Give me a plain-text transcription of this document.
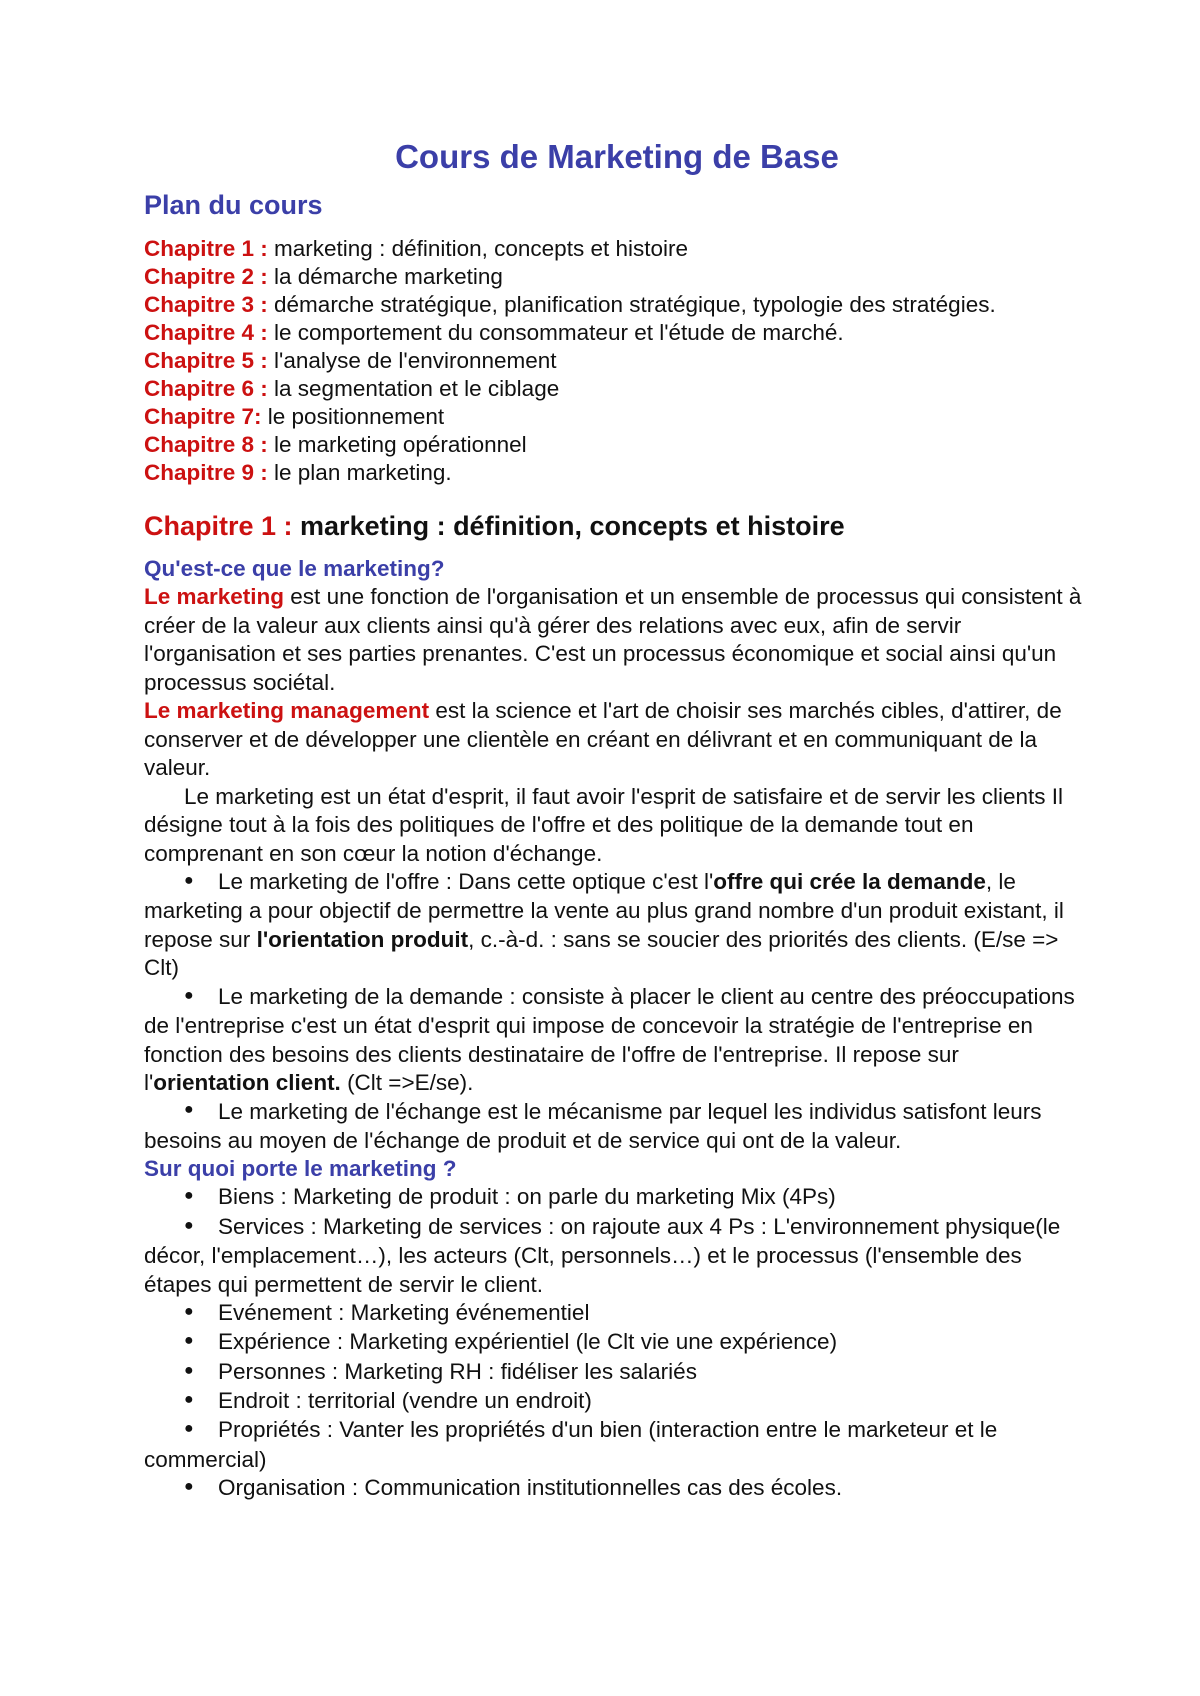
Cours de Marketing de Base
Plan du cours
Chapitre 1 : marketing : définition, concepts et histoire
Chapitre 2 : la démarche marketing
Chapitre 3 : démarche stratégique, planification stratégique, typologie des stratégies.
Chapitre 4 : le comportement du consommateur et l'étude de marché.
Chapitre 5 : l'analyse de l'environnement
Chapitre 6 : la segmentation et le ciblage
Chapitre 7: le positionnement
Chapitre 8 : le marketing opérationnel
Chapitre 9 : le plan marketing.
Chapitre 1 : marketing : définition, concepts et histoire
Qu'est-ce que le marketing?

Le marketing est une fonction de l'organisation et un ensemble de processus qui consistent à créer de la valeur aux clients ainsi qu'à gérer des relations avec eux, afin de servir l'organisation et ses parties prenantes. C'est un processus économique et social ainsi qu'un processus sociétal.

Le marketing management est la science et l'art de choisir ses marchés cibles, d'attirer, de conserver et de développer une clientèle en créant en délivrant et en communiquant de la valeur.

Le marketing est un état d'esprit, il faut avoir l'esprit de satisfaire et de servir les clients Il désigne tout à la fois des politiques de l'offre et des politique de la demande tout en comprenant en son cœur la notion d'échange.

● Le marketing de l'offre : Dans cette optique c'est l'offre qui crée la demande, le marketing a pour objectif de permettre la vente au plus grand nombre d'un produit existant, il repose sur l'orientation produit, c.-à-d. : sans se soucier des priorités des clients. (E/se => Clt)
● Le marketing de la demande : consiste à placer le client au centre des préoccupations de l'entreprise c'est un état d'esprit qui impose de concevoir la stratégie de l'entreprise en fonction des besoins des clients destinataire de l'offre de l'entreprise. Il repose sur l'orientation client. (Clt =>E/se).
● Le marketing de l'échange est le mécanisme par lequel les individus satisfont leurs besoins au moyen de l'échange de produit et de service qui ont de la valeur.
Sur quoi porte le marketing ?
● Biens : Marketing de produit : on parle du marketing Mix (4Ps)
● Services : Marketing de services : on rajoute aux 4 Ps : L'environnement physique(le décor, l'emplacement…), les acteurs (Clt, personnels…) et le processus (l'ensemble des étapes qui permettent de servir le client.
● Evénement : Marketing événementiel
● Expérience : Marketing expérientiel (le Clt vie une expérience)
● Personnes : Marketing RH : fidéliser les salariés
● Endroit : territorial (vendre un endroit)
● Propriétés : Vanter les propriétés d'un bien (interaction entre le marketeur et le commercial)
● Organisation : Communication institutionnelles cas des écoles.
